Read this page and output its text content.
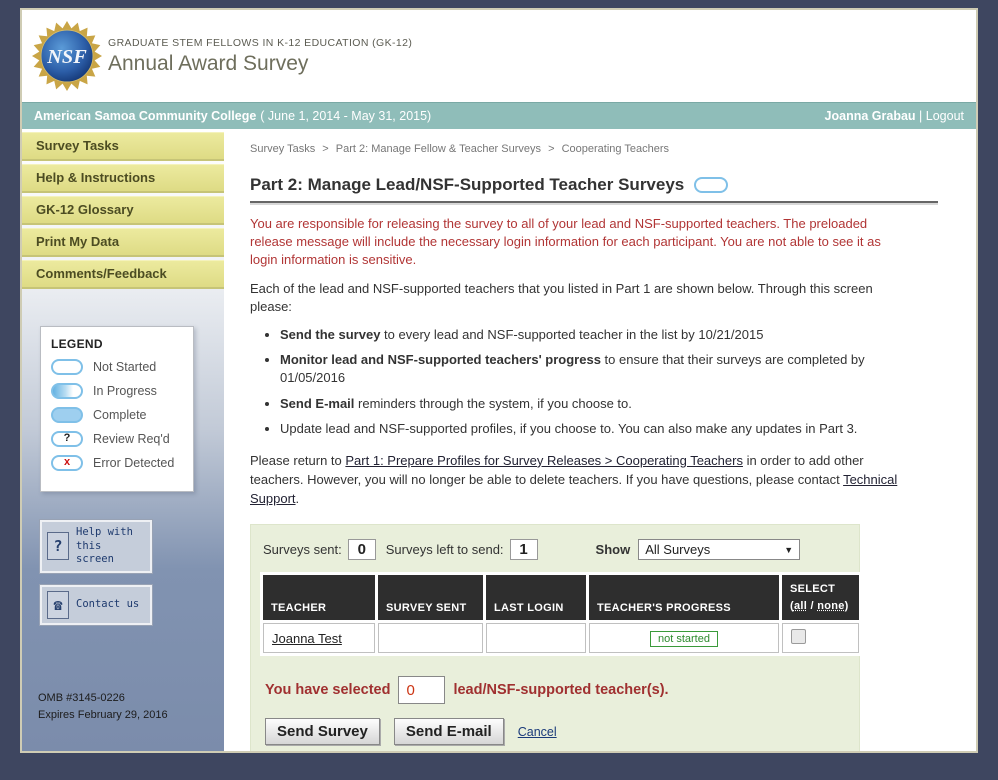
NSF
GRADUATE STEM FELLOWS IN K-12 EDUCATION (GK-12)
Annual Award Survey
American Samoa Community College ( June 1, 2014 - May 31, 2015)	Joanna Grabau | Logout
Survey Tasks
Help & Instructions
GK-12 Glossary
Print My Data
Comments/Feedback
LEGEND
Not Started
In Progress
Complete
?	Review Req'd
x	Error Detected
?
Help with
this screen
☎	Contact us
OMB #3145-0226
Expires February 29, 2016
Survey Tasks > Part 2: Manage Fellow & Teacher Surveys > Cooperating Teachers
Part 2: Manage Lead/NSF-Supported Teacher Surveys

You are responsible for releasing the survey to all of your lead and NSF-supported teachers. The preloaded release message will include the necessary login information for each participant. You are not able to see it as login information is sensitive.

Each of the lead and NSF-supported teachers that you listed in Part 1 are shown below. Through this screen please:

• Send the survey to every lead and NSF-supported teacher in the list by 10/21/2015
• Monitor lead and NSF-supported teachers' progress to ensure that their surveys are completed by 01/05/2016
• Send E-mail reminders through the system, if you choose to.
• Update lead and NSF-supported profiles, if you choose to. You can also make any updates in Part 3.

Please return to Part 1: Prepare Profiles for Survey Releases > Cooperating Teachers in order to add other teachers. However, you will no longer be able to delete teachers. If you have questions, please contact Technical Support.

Surveys sent:	0	Surveys left to send:	1	Show All Surveys	▼
TEACHER	SURVEY SENT	LAST LOGIN	TEACHER'S PROGRESS	SELECT
(all / none)
Joanna Test			not started	
You have selected
0	lead/NSF-supported teacher(s).
Send Survey	Send E-mail	Cancel
